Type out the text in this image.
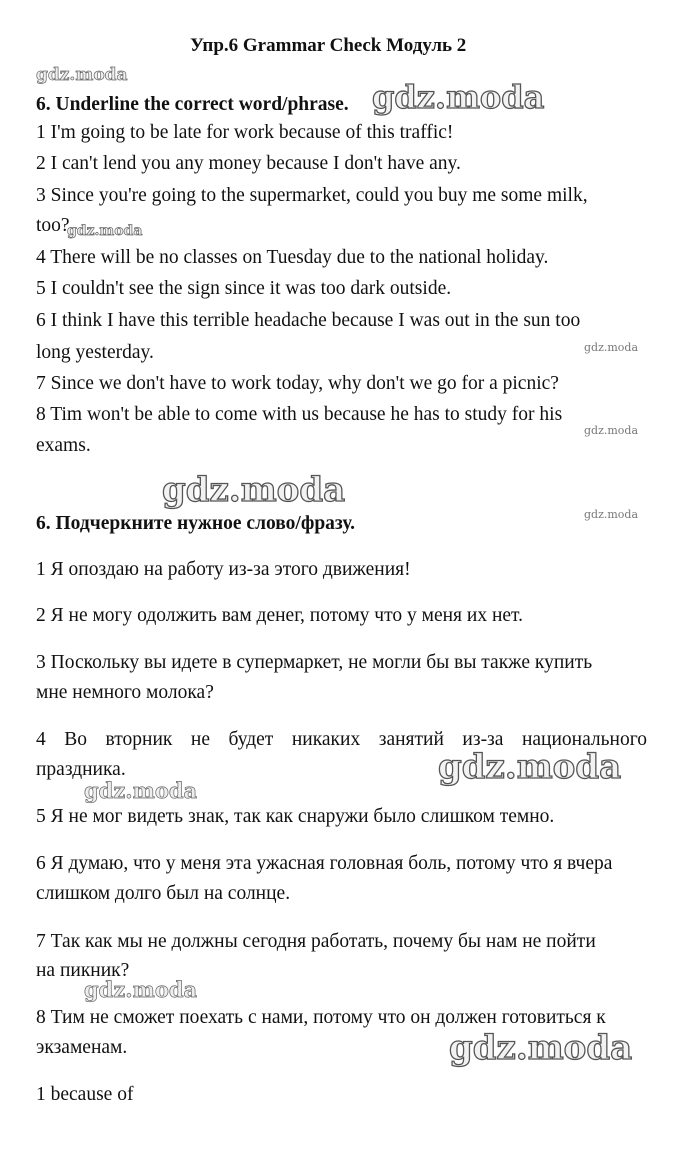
Упр.6 Grammar Check Модуль 2
6. Underline the correct word/phrase.
1 I'm going to be late for work because of this traffic!
2 I can't lend you any money because I don't have any.
3 Since you're going to the supermarket, could you buy me some milk,
too?
4 There will be no classes on Tuesday due to the national holiday.
5 I couldn't see the sign since it was too dark outside.
6 I think I have this terrible headache because I was out in the sun too
long yesterday.
7 Since we don't have to work today, why don't we go for a picnic?
8 Tim won't be able to come with us because he has to study for his
exams.
6. Подчеркните нужное слово/фразу.
1 Я опоздаю на работу из-за этого движения!
2 Я не могу одолжить вам денег, потому что у меня их нет.
3 Поскольку вы идете в супермаркет, не могли бы вы также купить
мне немного молока?
4 Во вторник не будет никаких занятий из-за национального
праздника.
5 Я не мог видеть знак, так как снаружи было слишком темно.
6 Я думаю, что у меня эта ужасная головная боль, потому что я вчера
слишком долго был на солнце.
7 Так как мы не должны сегодня работать, почему бы нам не пойти
на пикник?
8 Тим не сможет поехать с нами, потому что он должен готовиться к
экзаменам.
1 because of
gdz.moda
gdz.moda
gdz.moda
gdz.moda
gdz.moda
gdz.moda
gdz.moda
gdz.moda
gdz.moda
gdz.moda
gdz.moda
